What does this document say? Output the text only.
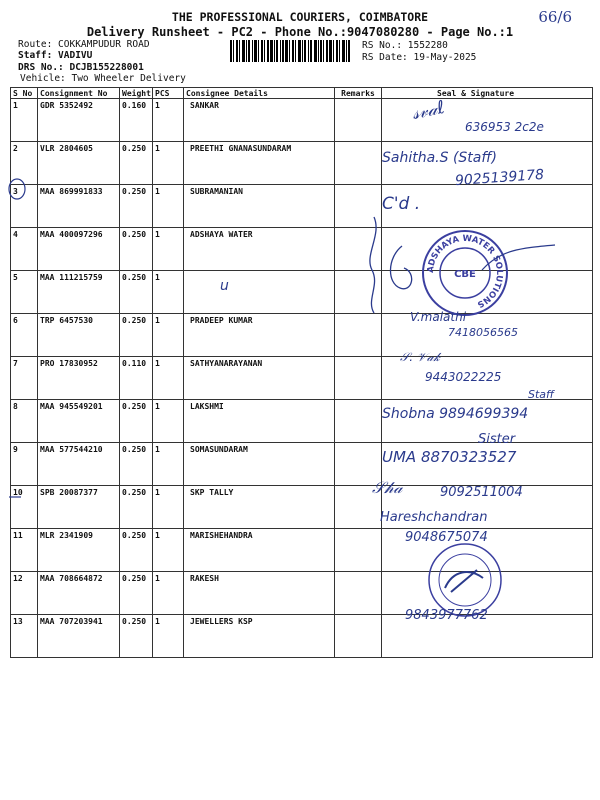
THE PROFESSIONAL COURIERS, COIMBATORE
Delivery Runsheet - PC2 - Phone No.:9047080280 - Page No.:1
66/6
Route: COKKAMPUDUR ROAD
Staff: VADIVU
DRS No.: DCJB155228001
Vehicle: Two Wheeler Delivery
RS No.: 1552280
RS Date: 19-May-2025
S No	Consignment No	Weight	PCS	Consignee Details	Remarks	Seal & Signature
1	GDR 5352492	0.160	1	SANKAR		
2	VLR 2804605	0.250	1	PREETHI GNANASUNDARAM		
3	MAA 869991833	0.250	1	SUBRAMANIAN		
4	MAA 400097296	0.250	1	ADSHAYA WATER		
5	MAA 111215759	0.250	1			
6	TRP 6457530	0.250	1	PRADEEP KUMAR		
7	PRO 17830952	0.110	1	SATHYANARAYANAN		
8	MAA 945549201	0.250	1	LAKSHMI		
9	MAA 577544210	0.250	1	SOMASUNDARAM		
10	SPB 20087377	0.250	1	SKP TALLY		
11	MLR 2341909	0.250	1	MARISHEHANDRA		
12	MAA 708664872	0.250	1	RAKESH		
13	MAA 707203941	0.250	1	JEWELLERS KSP		
𝓈𝓋𝒶ℓ
636953 2c2e
Sahitha.S (Staff)
9025139178
C'd .
u
ADSHAYA WATER SOLUTIONS
CBE
V.malathi
7418056565
𝒮. 𝒱𝒶𝓀
9443022225
Staff
Shobna 9894699394
Sister
UMA 8870323527
𝒮𝒽𝒶	9092511004
Hareshchandran
9048675074
9843977762
